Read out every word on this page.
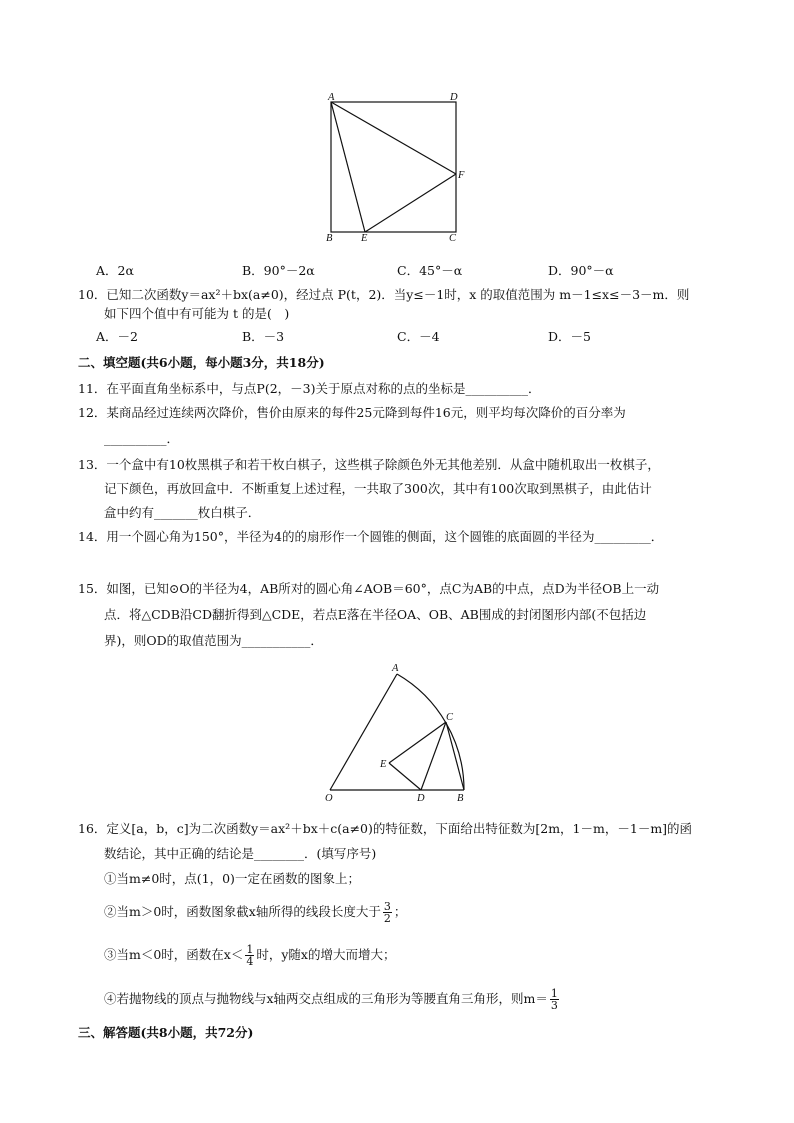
A	D
F
B	E	C
A．2α	B．90°－2α	C．45°－α	D．90°－α
10．已知二次函数y＝ax²＋bx(a≠0)，经过点 P(t，2)．当y≤－1时，x 的取值范围为 m－1≤x≤－3－m．则
如下四个值中有可能为 t 的是(　)
A．－2	B．－3	C．－4	D．－5
二、填空题(共6小题，每小题3分，共18分)
11．在平面直角坐标系中，与点P(2，－3)关于原点对称的点的坐标是__________．
12．某商品经过连续两次降价，售价由原来的每件25元降到每件16元，则平均每次降价的百分率为
__________．
13．一个盒中有10枚黑棋子和若干枚白棋子，这些棋子除颜色外无其他差别．从盒中随机取出一枚棋子，
记下颜色，再放回盒中．不断重复上述过程，一共取了300次，其中有100次取到黑棋子，由此估计
盒中约有_______枚白棋子．
14．用一个圆心角为150°，半径为4的的扇形作一个圆锥的侧面，这个圆锥的底面圆的半径为_________．
15．如图，已知⊙O的半径为4，AB所对的圆心角∠AOB＝60°，点C为AB的中点，点D为半径OB上一动
点．将△CDB沿CD翻折得到△CDE，若点E落在半径OA、OB、AB围成的封闭图形内部(不包括边
界)，则OD的取值范围为___________．
A
C
E
O	D	B
16．定义[a，b，c]为二次函数y＝ax²＋bx＋c(a≠0)的特征数，下面给出特征数为[2m，1－m，－1－m]的函
数结论，其中正确的结论是________．(填写序号)
①当m≠0时，点(1，0)一定在函数的图象上；
②当m＞0时，函数图象截x轴所得的线段长度大于 $\frac{3}{2}$ ；
③当m＜0时，函数在$x< \frac{1}{4}$ 时，y随x的增大而增大；
④若抛物线的顶点与抛物线与x轴两交点组成的三角形为等腰直角三角形，则$m= \frac{1}{3}$
三、解答题(共8小题，共72分)
